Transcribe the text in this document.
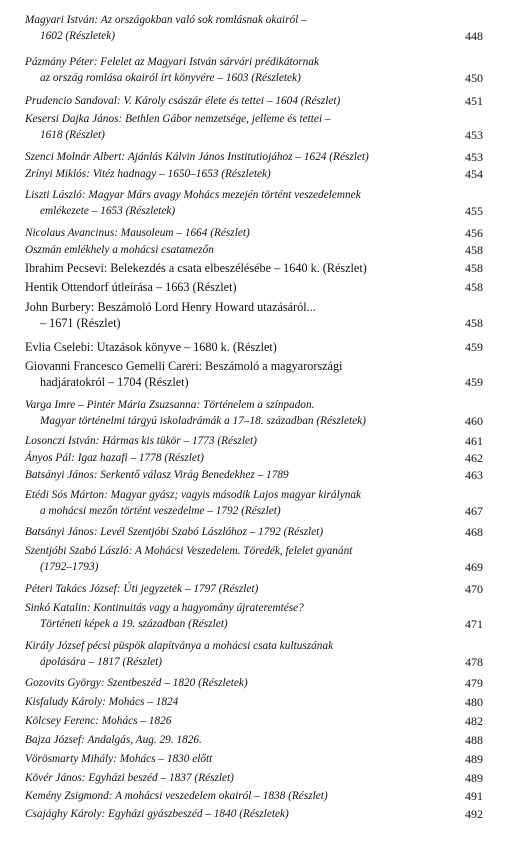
Magyari István: Az országokban való sok romlásnak okairól –
1602 (Részletek)	448
Pázmány Péter: Felelet az Magyari István sárvári prédikátornak
az ország romlása okairól írt könyvére – 1603 (Részletek)	450
Prudencio Sandoval: V. Károly császár élete és tettei – 1604 (Részlet)	451
Kesersi Dajka János: Bethlen Gábor nemzetsége, jelleme és tettei –
1618 (Részlet)	453
Szenci Molnár Albert: Ajánlás Kálvin János Institutiojához – 1624 (Részlet)	453
Zrínyi Miklós: Vitéz hadnagy – 1650–1653 (Részletek)	454
Liszti László: Magyar Márs avagy Mohács mezején történt veszedelemnek
emlékezete – 1653 (Részletek)	455
Nicolaus Avancinus: Mausoleum – 1664 (Részlet)	456
Oszmán emlékhely a mohácsi csatamezőn	458
Ibrahim Pecsevi: Belekezdés a csata elbeszélésébe – 1640 k. (Részlet)	458
Hentik Ottendorf útleírása – 1663 (Részlet)	458
John Burbery: Beszámoló Lord Henry Howard utazásáról...
– 1671 (Részlet)	458
Evlia Cselebi: Utazások könyve – 1680 k. (Részlet)	459
Giovanni Francesco Gemelli Careri: Beszámoló a magyarországi
hadjáratokról – 1704 (Részlet)	459
Varga Imre – Pintér Mária Zsuzsanna: Történelem a színpadon.
Magyar történelmi tárgyú iskoladrámák a 17–18. században (Részletek)	460
Losonczi István: Hármas kis tükör – 1773 (Részlet)	461
Ányos Pál: Igaz hazafi – 1778 (Részlet)	462
Batsányi János: Serkentő válasz Virág Benedekhez – 1789	463
Etédi Sós Márton: Magyar gyász; vagyis második Lajos magyar királynak
a mohácsi mezőn történt veszedelme – 1792 (Részlet)	467
Batsányi János: Levél Szentjóbi Szabó Lászlóhoz – 1792 (Részlet)	468
Szentjóbi Szabó László: A Mohácsi Veszedelem. Töredék, felelet gyanánt
(1792–1793)	469
Péteri Takács József: Úti jegyzetek – 1797 (Részlet)	470
Sinkó Katalin: Kontinuitás vagy a hagyomány újrateremtése?
Történeti képek a 19. században (Részlet)	471
Király József pécsi püspök alapítványa a mohácsi csata kultuszának
ápolására – 1817 (Részlet)	478
Gozovits György: Szentbeszéd – 1820 (Részletek)	479
Kisfaludy Károly: Mohács – 1824	480
Kölcsey Ferenc: Mohács – 1826	482
Bajza József: Andalgás, Aug. 29. 1826.	488
Vörösmarty Mihály: Mohács – 1830 előtt	489
Kövér János: Egyházi beszéd – 1837 (Részlet)	489
Kemény Zsigmond: A mohácsi veszedelem okairól – 1838 (Részlet)	491
Csajághy Károly: Egyházi gyászbeszéd – 1840 (Részletek)	492
